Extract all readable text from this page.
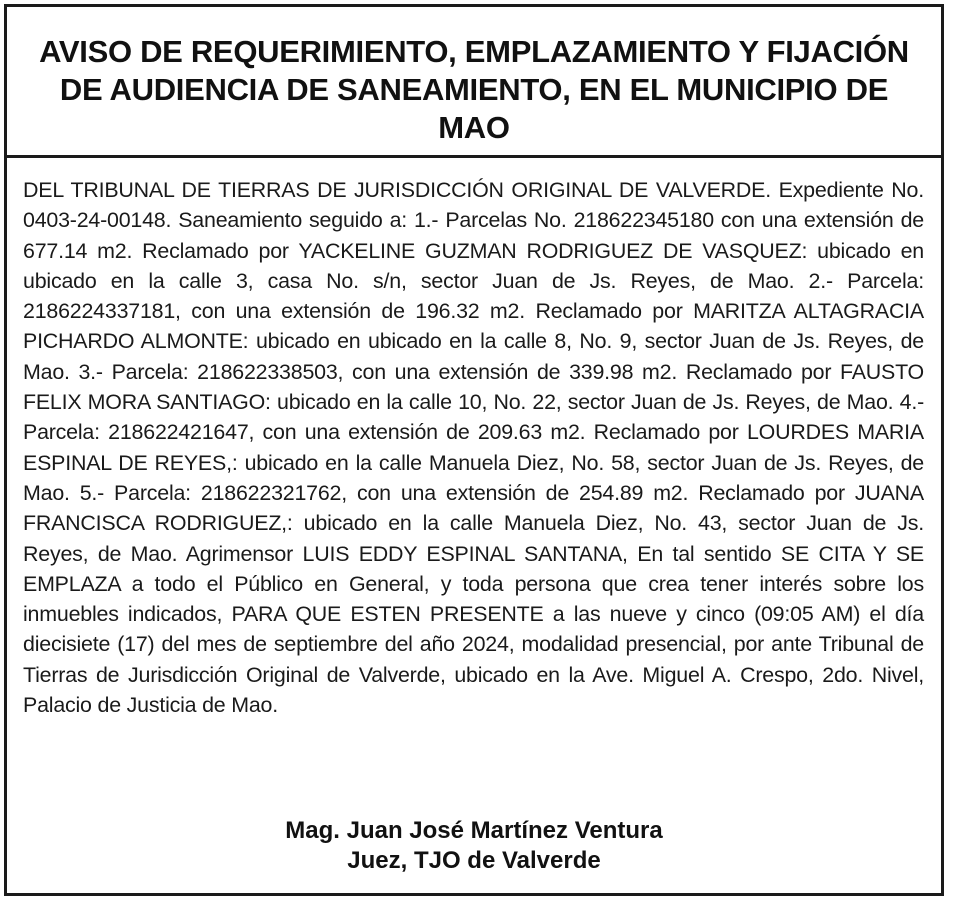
AVISO DE REQUERIMIENTO, EMPLAZAMIENTO Y FIJACIÓN DE AUDIENCIA DE SANEAMIENTO, EN EL MUNICIPIO DE MAO

DEL TRIBUNAL DE TIERRAS DE JURISDICCIÓN ORIGINAL DE VALVERDE. Expediente No. 0403-24-00148. Saneamiento seguido a: 1.- Parcelas No. 218622345180 con una extensión de 677.14 m2. Reclamado por YACKELINE GUZMAN RODRIGUEZ DE VASQUEZ: ubicado en ubicado en la calle 3, casa No. s/n, sector Juan de Js. Reyes, de Mao. 2.- Parcela: 2186224337181, con una extensión de 196.32 m2. Reclamado por MARITZA ALTAGRACIA PICHARDO ALMONTE: ubicado en ubicado en la calle 8, No. 9, sector Juan de Js. Reyes, de Mao. 3.- Parcela: 218622338503, con una extensión de 339.98 m2. Reclamado por FAUSTO FELIX MORA SANTIAGO: ubicado en la calle 10, No. 22, sector Juan de Js. Reyes, de Mao. 4.- Parcela: 218622421647, con una extensión de 209.63 m2. Reclamado por LOURDES MARIA ESPINAL DE REYES,: ubicado en la calle Manuela Diez, No. 58, sector Juan de Js. Reyes, de Mao. 5.- Parcela: 218622321762, con una extensión de 254.89 m2. Reclamado por JUANA FRANCISCA RODRIGUEZ,: ubicado en la calle Manuela Diez, No. 43, sector Juan de Js. Reyes, de Mao. Agrimensor LUIS EDDY ESPINAL SANTANA, En tal sentido SE CITA Y SE EMPLAZA a todo el Público en General, y toda persona que crea tener interés sobre los inmuebles indicados, PARA QUE ESTEN PRESENTE a las nueve y cinco (09:05 AM) el día diecisiete (17) del mes de septiembre del año 2024, modalidad presencial, por ante Tribunal de Tierras de Jurisdicción Original de Valverde, ubicado en la Ave. Miguel A. Crespo, 2do. Nivel, Palacio de Justicia de Mao.

Mag. Juan José Martínez Ventura
Juez, TJO de Valverde
